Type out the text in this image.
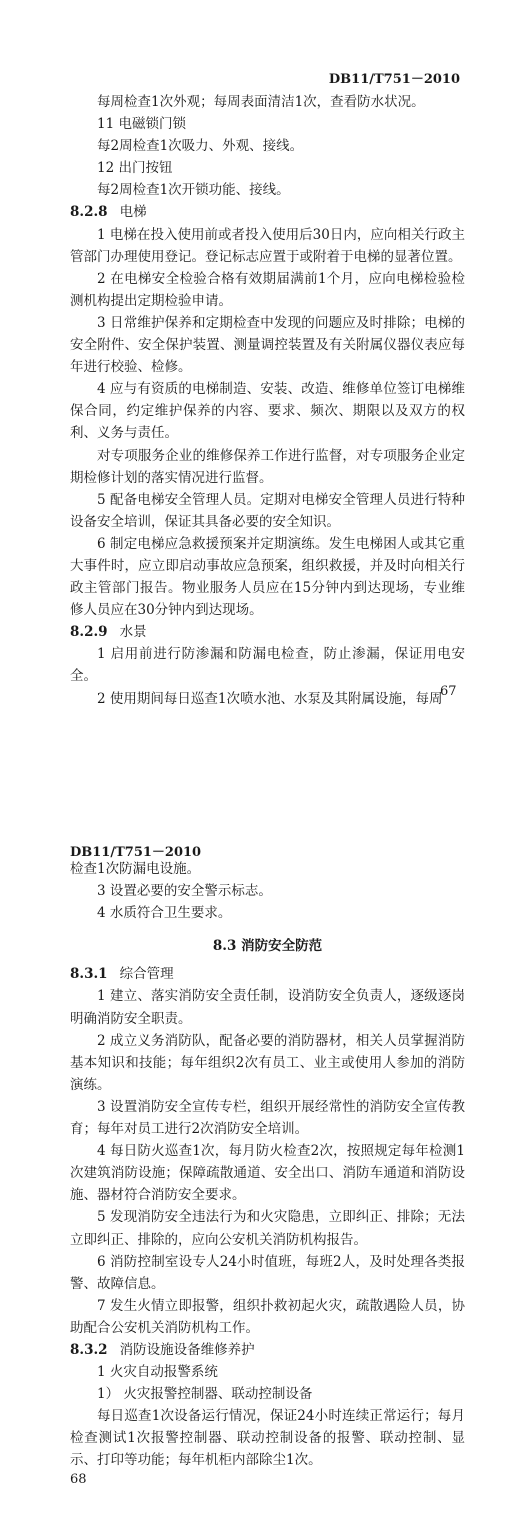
DB11/T751－2010

每周检查1次外观；每周表面清洁1次，查看防水状况。

11 电磁锁门锁

每2周检查1次吸力、外观、接线。

12 出门按钮

每2周检查1次开锁功能、接线。

8.2.8 电梯

1 电梯在投入使用前或者投入使用后30日内，应向相关行政主管部门办理使用登记。登记标志应置于或附着于电梯的显著位置。

2 在电梯安全检验合格有效期届满前1个月，应向电梯检验检测机构提出定期检验申请。

3 日常维护保养和定期检查中发现的问题应及时排除；电梯的安全附件、安全保护装置、测量调控装置及有关附属仪器仪表应每年进行校验、检修。

4 应与有资质的电梯制造、安装、改造、维修单位签订电梯维保合同，约定维护保养的内容、要求、频次、期限以及双方的权利、义务与责任。

对专项服务企业的维修保养工作进行监督，对专项服务企业定期检修计划的落实情况进行监督。

5 配备电梯安全管理人员。定期对电梯安全管理人员进行特种设备安全培训，保证其具备必要的安全知识。

6 制定电梯应急救援预案并定期演练。发生电梯困人或其它重大事件时，应立即启动事故应急预案，组织救援，并及时向相关行政主管部门报告。物业服务人员应在15分钟内到达现场，专业维修人员应在30分钟内到达现场。

8.2.9 水景

1 启用前进行防渗漏和防漏电检查，防止渗漏，保证用电安全。

2 使用期间每日巡查1次喷水池、水泵及其附属设施，每周

67
DB11/T751－2010

检查1次防漏电设施。

3 设置必要的安全警示标志。

4 水质符合卫生要求。

8.3 消防安全防范

8.3.1 综合管理

1 建立、落实消防安全责任制，设消防安全负责人，逐级逐岗明确消防安全职责。

2 成立义务消防队，配备必要的消防器材，相关人员掌握消防基本知识和技能；每年组织2次有员工、业主或使用人参加的消防演练。

3 设置消防安全宣传专栏，组织开展经常性的消防安全宣传教育；每年对员工进行2次消防安全培训。

4 每日防火巡查1次，每月防火检查2次，按照规定每年检测1次建筑消防设施；保障疏散通道、安全出口、消防车通道和消防设施、器材符合消防安全要求。

5 发现消防安全违法行为和火灾隐患，立即纠正、排除；无法立即纠正、排除的，应向公安机关消防机构报告。

6 消防控制室设专人24小时值班，每班2人，及时处理各类报警、故障信息。

7 发生火情立即报警，组织扑救初起火灾，疏散遇险人员，协助配合公安机关消防机构工作。

8.3.2 消防设施设备维修养护

1 火灾自动报警系统

1） 火灾报警控制器、联动控制设备

每日巡查1次设备运行情况，保证24小时连续正常运行；每月检查测试1次报警控制器、联动控制设备的报警、联动控制、显示、打印等功能；每年机柜内部除尘1次。

68
